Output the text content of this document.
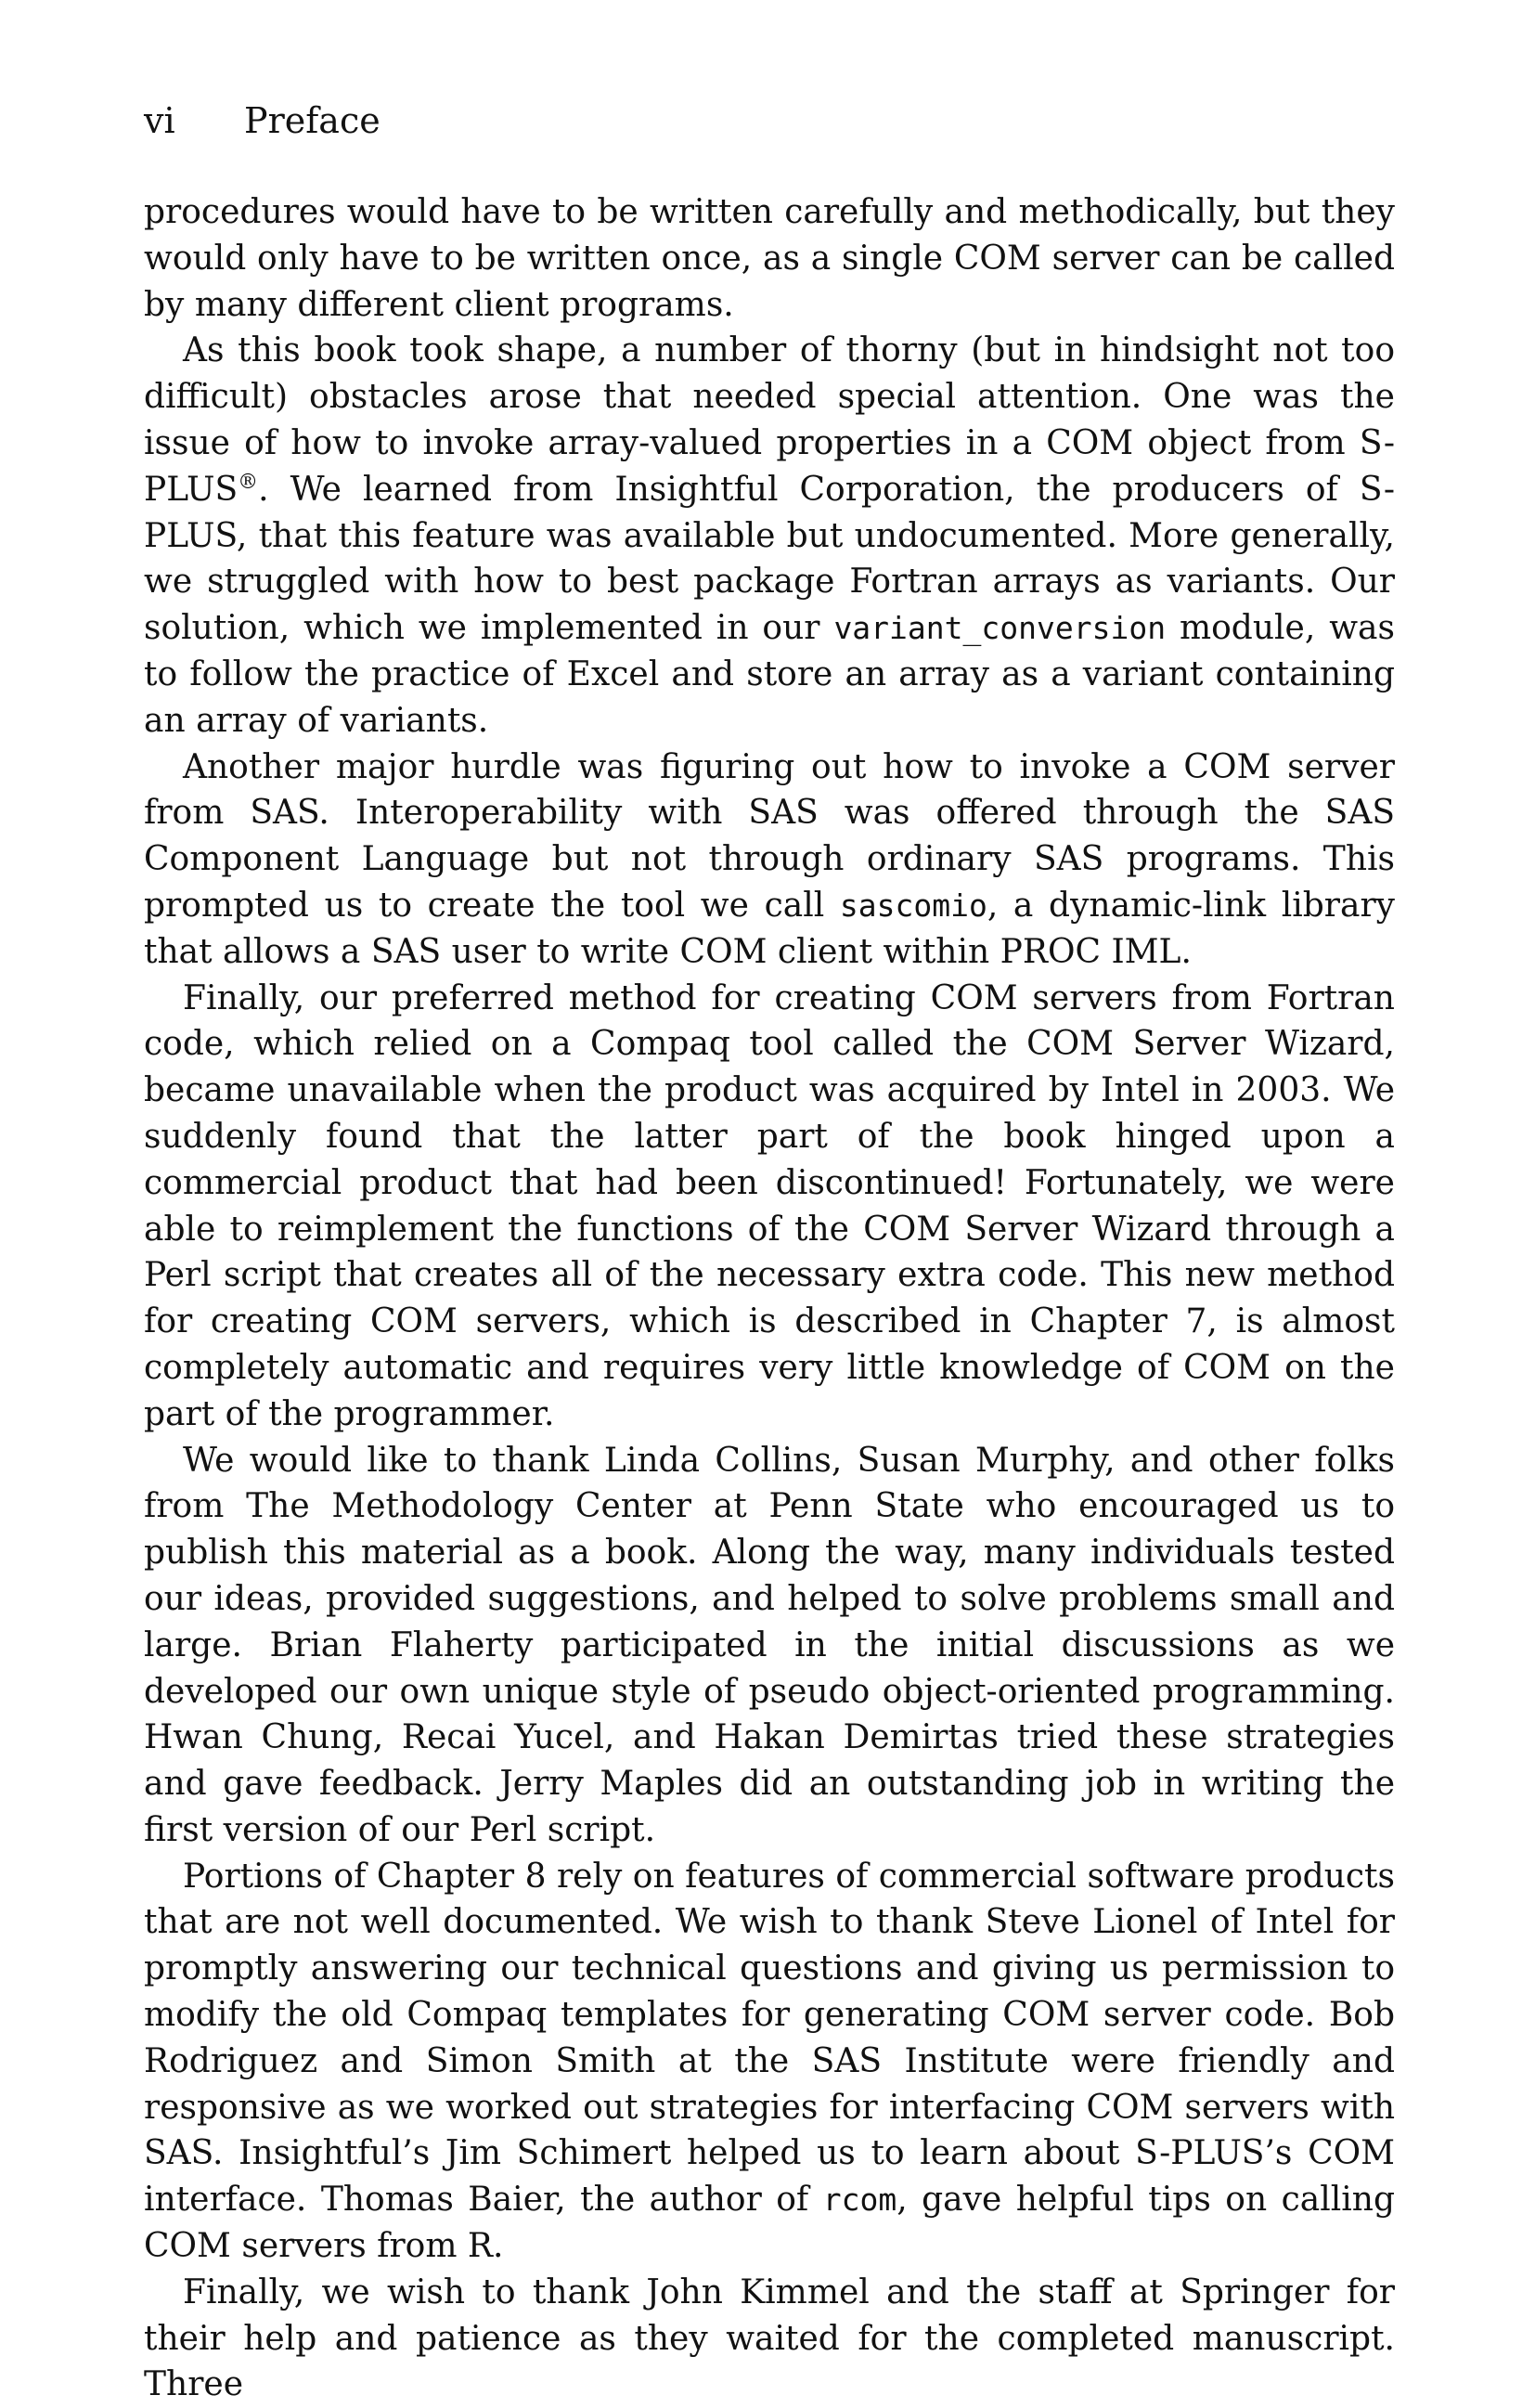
vi Preface

procedures would have to be written carefully and methodically, but they would only have to be written once, as a single COM server can be called by many different client programs.

As this book took shape, a number of thorny (but in hindsight not too difficult) obstacles arose that needed special attention. One was the issue of how to invoke array-valued properties in a COM object from S-PLUS®. We learned from Insightful Corporation, the producers of S-PLUS, that this feature was available but undocumented. More generally, we struggled with how to best package Fortran arrays as variants. Our solution, which we implemented in our variant_conversion module, was to follow the practice of Excel and store an array as a variant containing an array of variants.

Another major hurdle was figuring out how to invoke a COM server from SAS. Interoperability with SAS was offered through the SAS Component Language but not through ordinary SAS programs. This prompted us to create the tool we call sascomio, a dynamic-link library that allows a SAS user to write COM client within PROC IML.

Finally, our preferred method for creating COM servers from Fortran code, which relied on a Compaq tool called the COM Server Wizard, became unavailable when the product was acquired by Intel in 2003. We suddenly found that the latter part of the book hinged upon a commercial product that had been discontinued! Fortunately, we were able to reimplement the functions of the COM Server Wizard through a Perl script that creates all of the necessary extra code. This new method for creating COM servers, which is described in Chapter 7, is almost completely automatic and requires very little knowledge of COM on the part of the programmer.

We would like to thank Linda Collins, Susan Murphy, and other folks from The Methodology Center at Penn State who encouraged us to publish this material as a book. Along the way, many individuals tested our ideas, provided suggestions, and helped to solve problems small and large. Brian Flaherty participated in the initial discussions as we developed our own unique style of pseudo object-oriented programming. Hwan Chung, Recai Yucel, and Hakan Demirtas tried these strategies and gave feedback. Jerry Maples did an outstanding job in writing the first version of our Perl script.

Portions of Chapter 8 rely on features of commercial software products that are not well documented. We wish to thank Steve Lionel of Intel for promptly answering our technical questions and giving us permission to modify the old Compaq templates for generating COM server code. Bob Rodriguez and Simon Smith at the SAS Institute were friendly and responsive as we worked out strategies for interfacing COM servers with SAS. Insightful’s Jim Schimert helped us to learn about S-PLUS’s COM interface. Thomas Baier, the author of rcom, gave helpful tips on calling COM servers from R.

Finally, we wish to thank John Kimmel and the staff at Springer for their help and patience as they waited for the completed manuscript. Three
